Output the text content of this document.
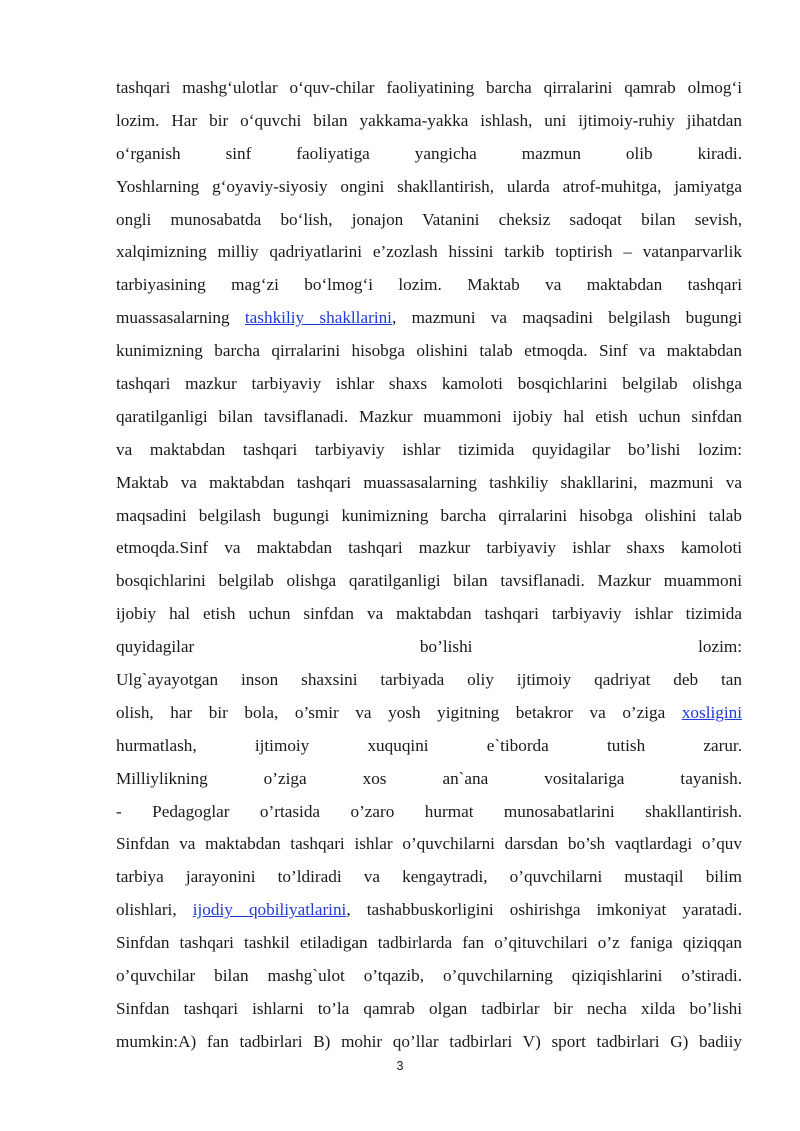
tashqari mashg‘ulotlar o‘quv-chilar faoliyatining barcha qirralarini qamrab olmog‘i
lozim. Har bir o‘quvchi bilan yakkama-yakka ishlash, uni ijtimoiy-ruhiy jihatdan
o‘rganish sinf faoliyatiga yangicha mazmun olib kiradi.
Yoshlarning g‘oyaviy-siyosiy ongini shakllantirish, ularda atrof-muhitga, jamiyatga
ongli munosabatda bo‘lish, jonajon Vatanini cheksiz sadoqat bilan sevish,
xalqimizning milliy qadriyatlarini e’zozlash hissini tarkib toptirish – vatanparvarlik
tarbiyasining mag‘zi bo‘lmog‘i lozim. Maktab va maktabdan tashqari
muassasalarning tashkiliy shakllarini, mazmuni va maqsadini belgilash bugungi
kunimizning barcha qirralarini hisobga olishini talab etmoqda. Sinf va maktabdan
tashqari mazkur tarbiyaviy ishlar shaxs kamoloti bosqichlarini belgilab olishga
qaratilganligi bilan tavsiflanadi. Mazkur muammoni ijobiy hal etish uchun sinfdan
va maktabdan tashqari tarbiyaviy ishlar tizimida quyidagilar bo’lishi lozim:
Maktab va maktabdan tashqari muassasalarning tashkiliy shakllarini, mazmuni va
maqsadini belgilash bugungi kunimizning barcha qirralarini hisobga olishini talab
etmoqda.Sinf va maktabdan tashqari mazkur tarbiyaviy ishlar shaxs kamoloti
bosqichlarini belgilab olishga qaratilganligi bilan tavsiflanadi. Mazkur muammoni
ijobiy hal etish uchun sinfdan va maktabdan tashqari tarbiyaviy ishlar tizimida
quyidagilar bo’lishi lozim:
Ulg`ayayotgan inson shaxsini tarbiyada oliy ijtimoiy qadriyat deb tan
olish, har bir bola, o’smir va yosh yigitning betakror va o’ziga xosligini
hurmatlash, ijtimoiy xuquqini e`tiborda tutish zarur.
Milliylikning o’ziga xos an`ana vositalariga tayanish.
- Pedagoglar o’rtasida o’zaro hurmat munosabatlarini shakllantirish.
Sinfdan va maktabdan tashqari ishlar o’quvchilarni darsdan bo’sh vaqtlardagi o’quv
tarbiya jarayonini to’ldiradi va kengaytradi, o’quvchilarni mustaqil bilim
olishlari, ijodiy qobiliyatlarini, tashabbuskorligini oshirishga imkoniyat yaratadi.
Sinfdan tashqari tashkil etiladigan tadbirlarda fan o’qituvchilari o’z faniga qiziqqan
o’quvchilar bilan mashg`ulot o’tqazib, o’quvchilarning qiziqishlarini o’stiradi.
Sinfdan tashqari ishlarni to’la qamrab olgan tadbirlar bir necha xilda bo’lishi
mumkin:A) fan tadbirlari B) mohir qo’llar tadbirlari V) sport tadbirlari G) badiiy
3
